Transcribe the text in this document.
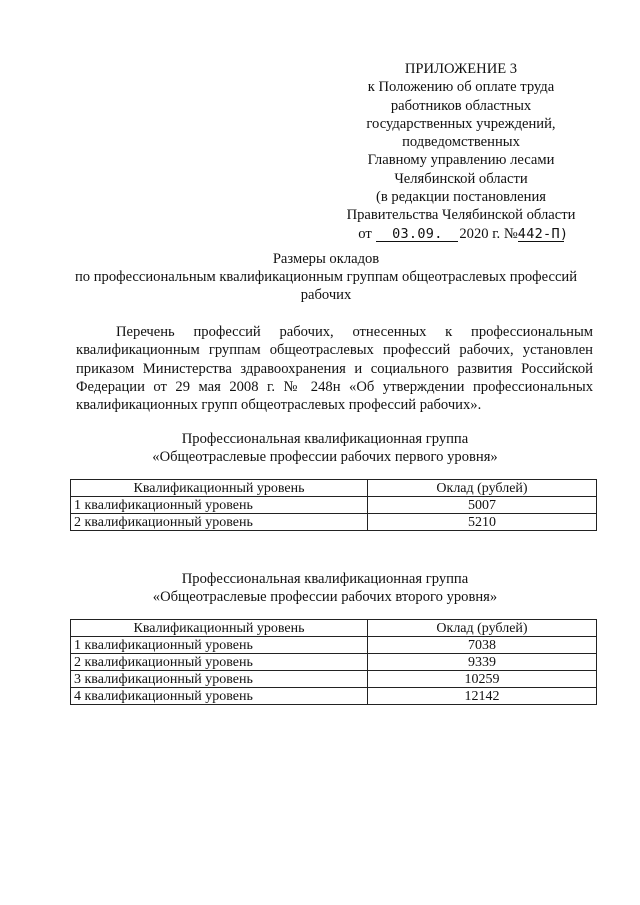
ПРИЛОЖЕНИЕ 3
к Положению об оплате труда
работников областных
государственных учреждений,
подведомственных
Главному управлению лесами
Челябинской области
(в редакции постановления
Правительства Челябинской области
от 03.09. 2020 г. №442-П)
Размеры окладов
по профессиональным квалификационным группам общеотраслевых профессий
рабочих

Перечень профессий рабочих, отнесенных к профессиональным квалификационным группам общеотраслевых профессий рабочих, установлен приказом Министерства здравоохранения и социального развития Российской Федерации от 29 мая 2008 г. № 248н «Об утверждении профессиональных квалификационных групп общеотраслевых профессий рабочих».

Профессиональная квалификационная группа
«Общеотраслевые профессии рабочих первого уровня»
Квалификационный уровень	Оклад (рублей)
1 квалификационный уровень	5007
2 квалификационный уровень	5210
Профессиональная квалификационная группа
«Общеотраслевые профессии рабочих второго уровня»
Квалификационный уровень	Оклад (рублей)
1 квалификационный уровень	7038
2 квалификационный уровень	9339
3 квалификационный уровень	10259
4 квалификационный уровень	12142
